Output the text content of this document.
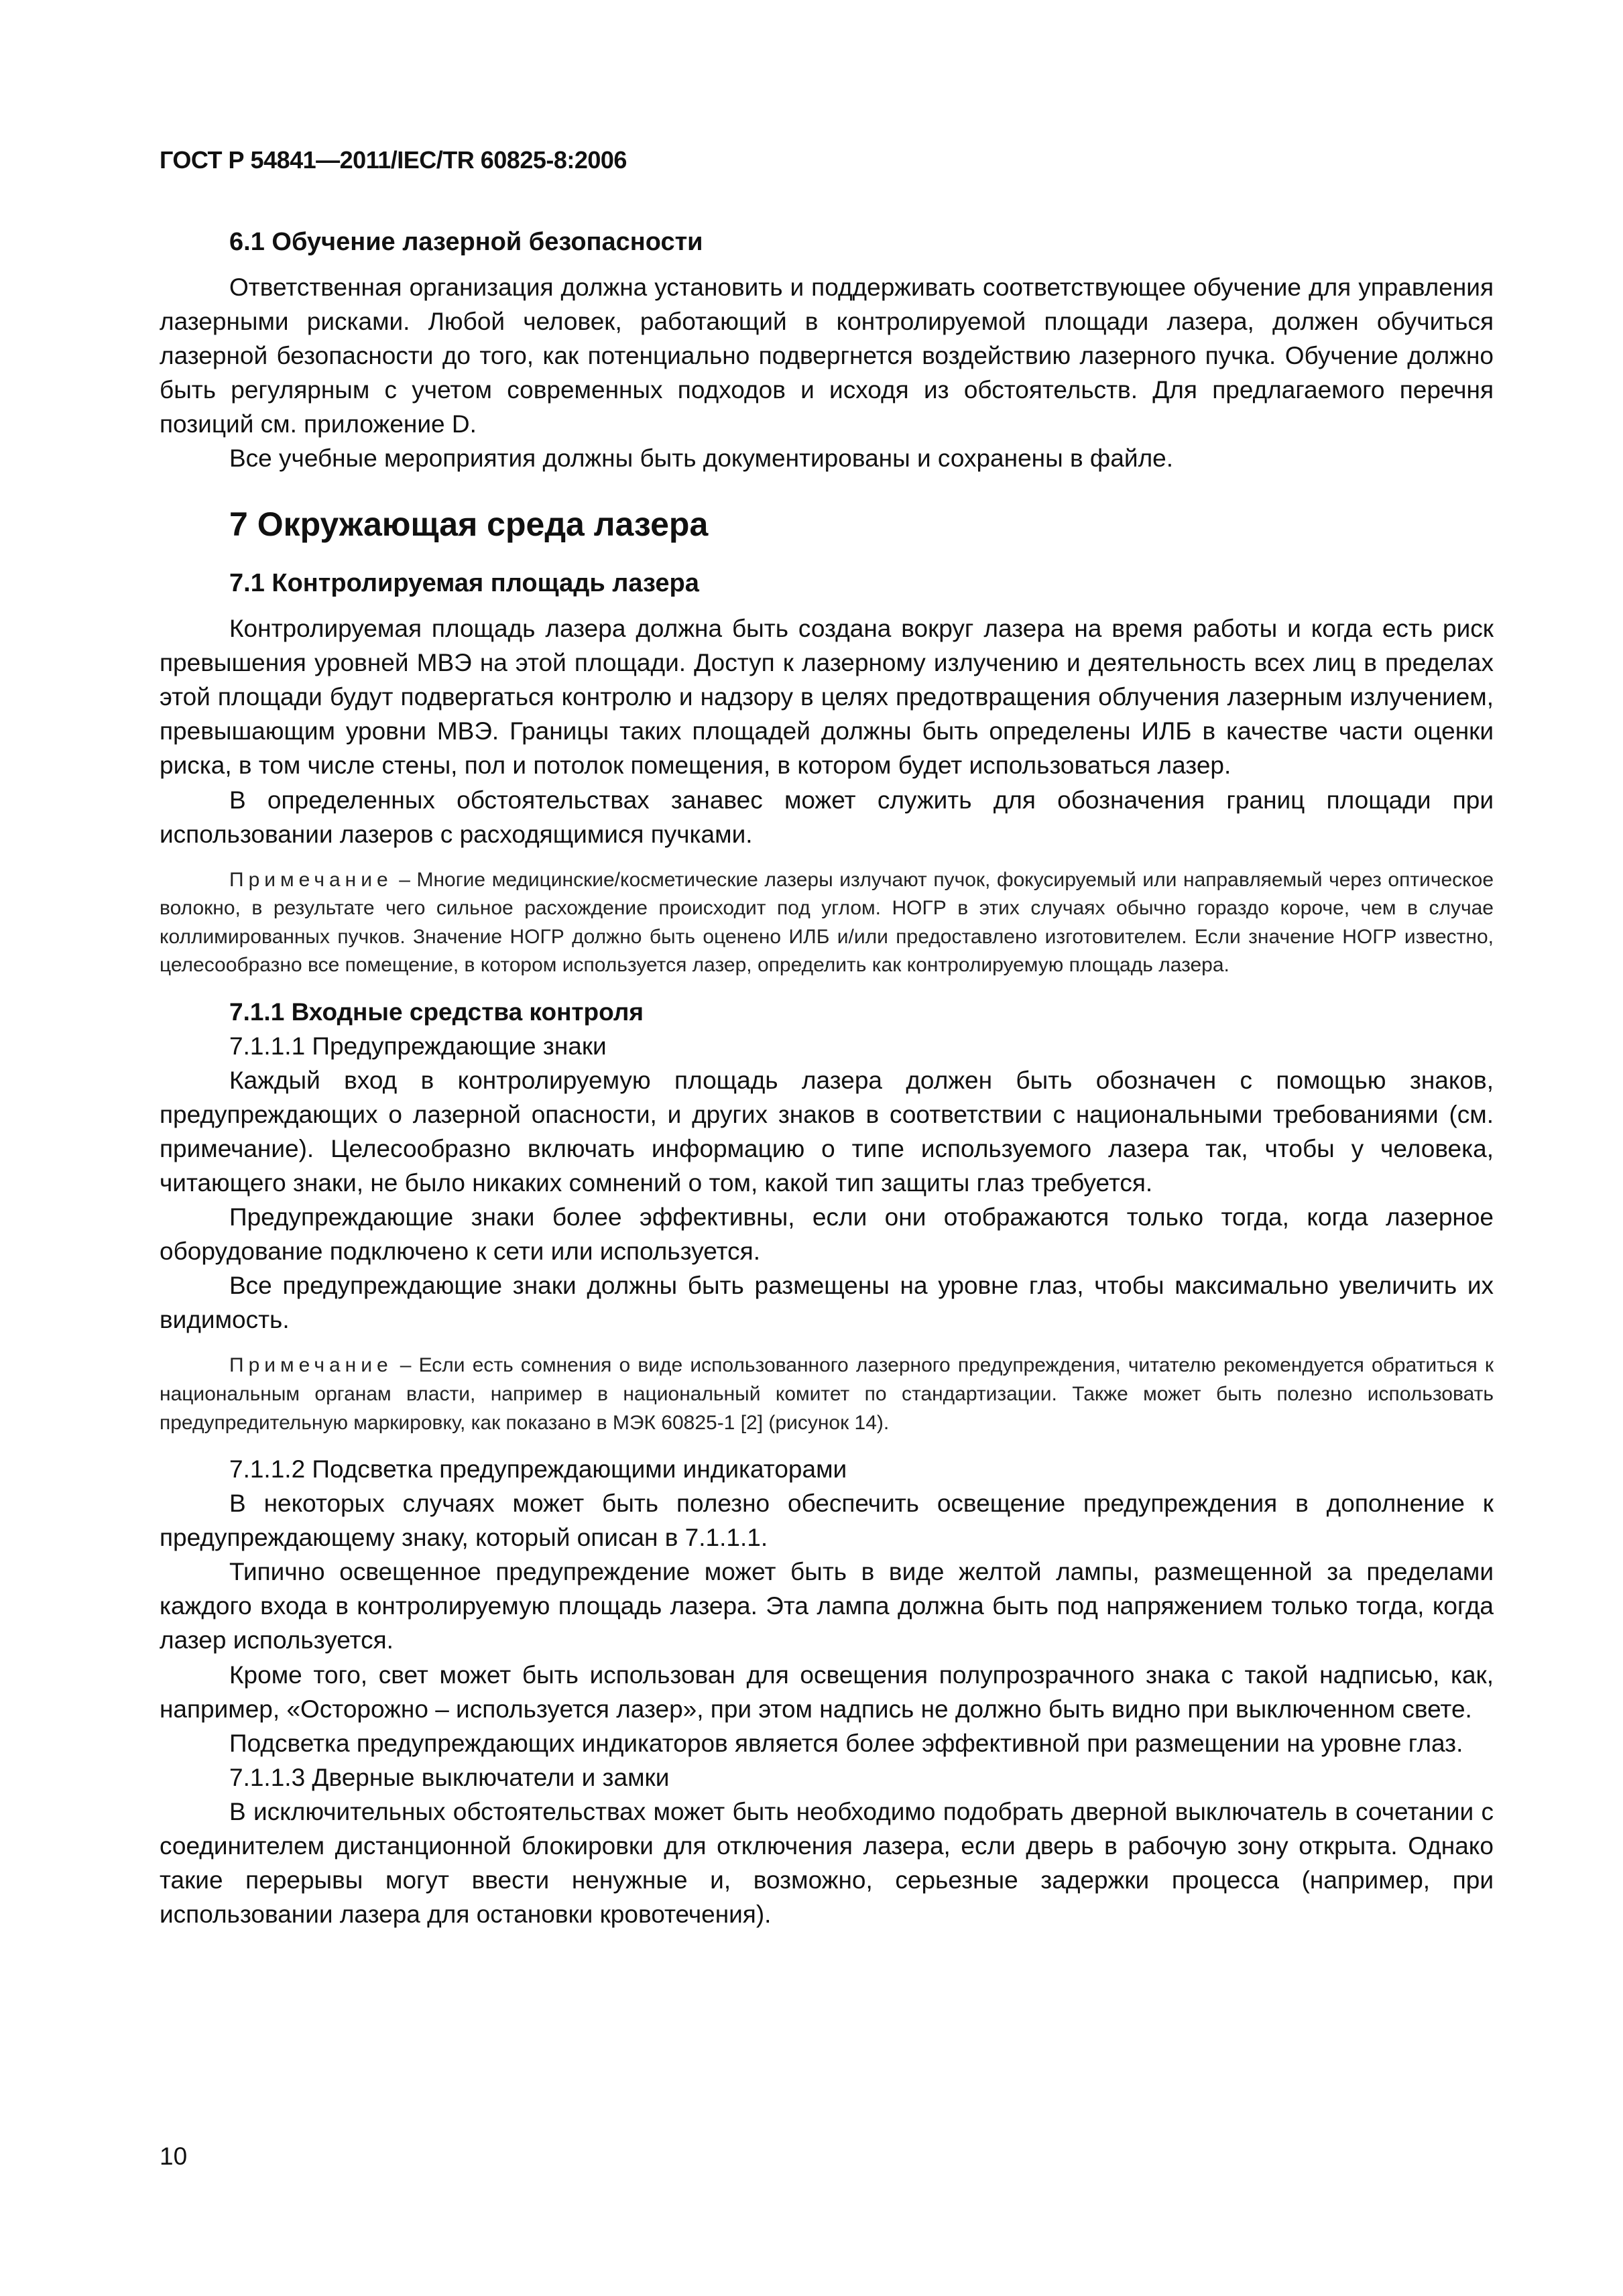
ГОСТ Р 54841—2011/IEC/TR 60825-8:2006
6.1 Обучение лазерной безопасности

Ответственная организация должна установить и поддерживать соответствующее обучение для управления лазерными рисками. Любой человек, работающий в контролируемой площади лазера, должен обучиться лазерной безопасности до того, как потенциально подвергнется воздействию лазерного пучка. Обучение должно быть регулярным с учетом современных подходов и исходя из обстоятельств. Для предлагаемого перечня позиций см. приложение D.

Все учебные мероприятия должны быть документированы и сохранены в файле.

7 Окружающая среда лазера
7.1 Контролируемая площадь лазера

Контролируемая площадь лазера должна быть создана вокруг лазера на время работы и когда есть риск превышения уровней МВЭ на этой площади. Доступ к лазерному излучению и деятельность всех лиц в пределах этой площади будут подвергаться контролю и надзору в целях предотвращения облучения лазерным излучением, превышающим уровни МВЭ. Границы таких площадей должны быть определены ИЛБ в качестве части оценки риска, в том числе стены, пол и потолок помещения, в котором будет использоваться лазер.

В определенных обстоятельствах занавес может служить для обозначения границ площади при использовании лазеров с расходящимися пучками.

Примечание – Многие медицинские/косметические лазеры излучают пучок, фокусируемый или направляемый через оптическое волокно, в результате чего сильное расхождение происходит под углом. НОГР в этих случаях обычно гораздо короче, чем в случае коллимированных пучков. Значение НОГР должно быть оценено ИЛБ и/или предоставлено изготовителем. Если значение НОГР известно, целесообразно все помещение, в котором используется лазер, определить как контролируемую площадь лазера.
7.1.1 Входные средства контроля
7.1.1.1 Предупреждающие знаки

Каждый вход в контролируемую площадь лазера должен быть обозначен с помощью знаков, предупреждающих о лазерной опасности, и других знаков в соответствии с национальными требованиями (см. примечание). Целесообразно включать информацию о типе используемого лазера так, чтобы у человека, читающего знаки, не было никаких сомнений о том, какой тип защиты глаз требуется.

Предупреждающие знаки более эффективны, если они отображаются только тогда, когда лазерное оборудование подключено к сети или используется.

Все предупреждающие знаки должны быть размещены на уровне глаз, чтобы максимально увеличить их видимость.

Примечание – Если есть сомнения о виде использованного лазерного предупреждения, читателю рекомендуется обратиться к национальным органам власти, например в национальный комитет по стандартизации. Также может быть полезно использовать предупредительную маркировку, как показано в МЭК 60825-1 [2] (рисунок 14).
7.1.1.2 Подсветка предупреждающими индикаторами

В некоторых случаях может быть полезно обеспечить освещение предупреждения в дополнение к предупреждающему знаку, который описан в 7.1.1.1.

Типично освещенное предупреждение может быть в виде желтой лампы, размещенной за пределами каждого входа в контролируемую площадь лазера. Эта лампа должна быть под напряжением только тогда, когда лазер используется.

Кроме того, свет может быть использован для освещения полупрозрачного знака с такой надписью, как, например, «Осторожно – используется лазер», при этом надпись не должно быть видно при выключенном свете.

Подсветка предупреждающих индикаторов является более эффективной при размещении на уровне глаз.

7.1.1.3 Дверные выключатели и замки

В исключительных обстоятельствах может быть необходимо подобрать дверной выключатель в сочетании с соединителем дистанционной блокировки для отключения лазера, если дверь в рабочую зону открыта. Однако такие перерывы могут ввести ненужные и, возможно, серьезные задержки процесса (например, при использовании лазера для остановки кровотечения).

10
